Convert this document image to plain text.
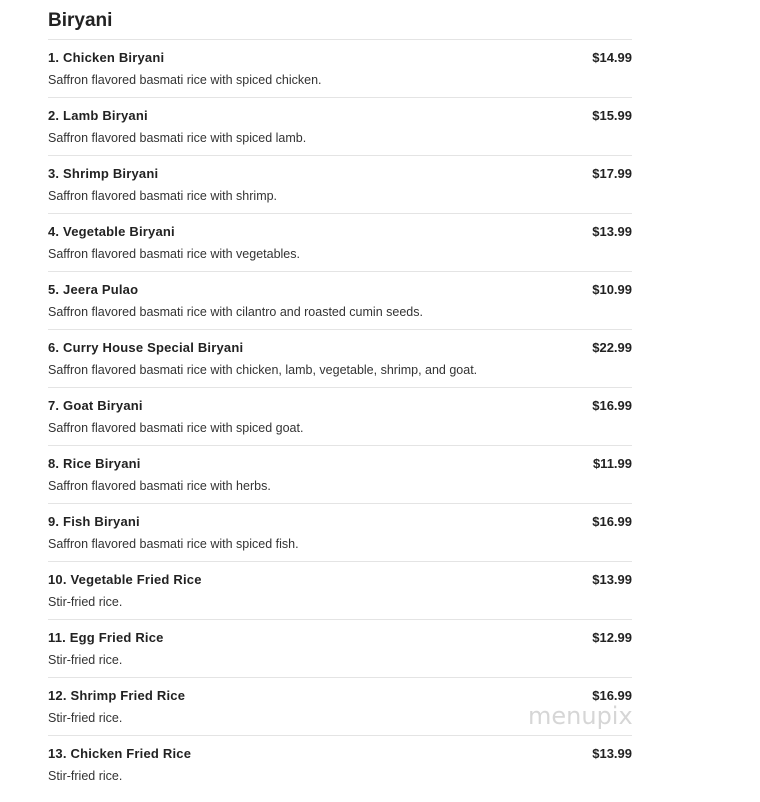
Biryani
1. Chicken Biryani	$14.99
Saffron flavored basmati rice with spiced chicken.
2. Lamb Biryani	$15.99
Saffron flavored basmati rice with spiced lamb.
3. Shrimp Biryani	$17.99
Saffron flavored basmati rice with shrimp.
4. Vegetable Biryani	$13.99
Saffron flavored basmati rice with vegetables.
5. Jeera Pulao	$10.99
Saffron flavored basmati rice with cilantro and roasted cumin seeds.
6. Curry House Special Biryani	$22.99
Saffron flavored basmati rice with chicken, lamb, vegetable, shrimp, and goat.
7. Goat Biryani	$16.99
Saffron flavored basmati rice with spiced goat.
8. Rice Biryani	$11.99
Saffron flavored basmati rice with herbs.
9. Fish Biryani	$16.99
Saffron flavored basmati rice with spiced fish.
10. Vegetable Fried Rice	$13.99
Stir-fried rice.
11. Egg Fried Rice	$12.99
Stir-fried rice.
12. Shrimp Fried Rice	$16.99
Stir-fried rice.
13. Chicken Fried Rice	$13.99
Stir-fried rice.
menupix
